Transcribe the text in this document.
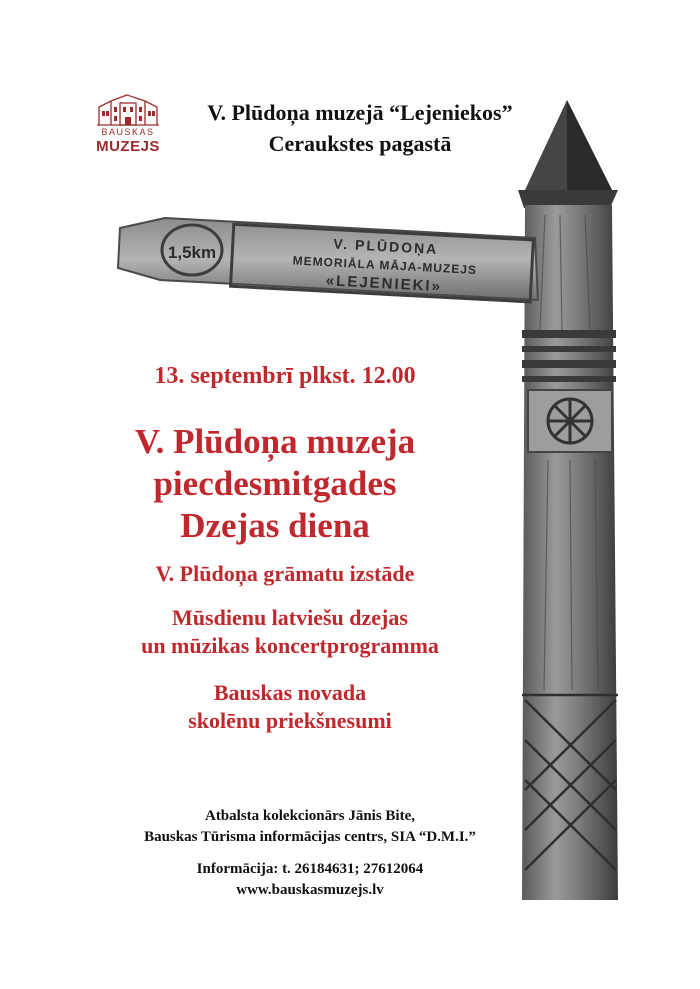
1,5km	V. PLŪDOŅA
MEMORIĀLA MĀJA-MUZEJS
«LEJENIEKI»
BAUSKAS
MUZEJS
V. Plūdoņa muzejā “Lejeniekos”
Ceraukstes pagastā
13. septembrī plkst. 12.00
V. Plūdoņa muzeja
piecdesmitgades
Dzejas diena
V. Plūdoņa grāmatu izstāde
Mūsdienu latviešu dzejas
un mūzikas koncertprogramma
Bauskas novada
skolēnu priekšnesumi
Atbalsta kolekcionārs Jānis Bite,
Bauskas Tūrisma informācijas centrs, SIA “D.M.I.”
Informācija: t. 26184631; 27612064
www.bauskasmuzejs.lv
